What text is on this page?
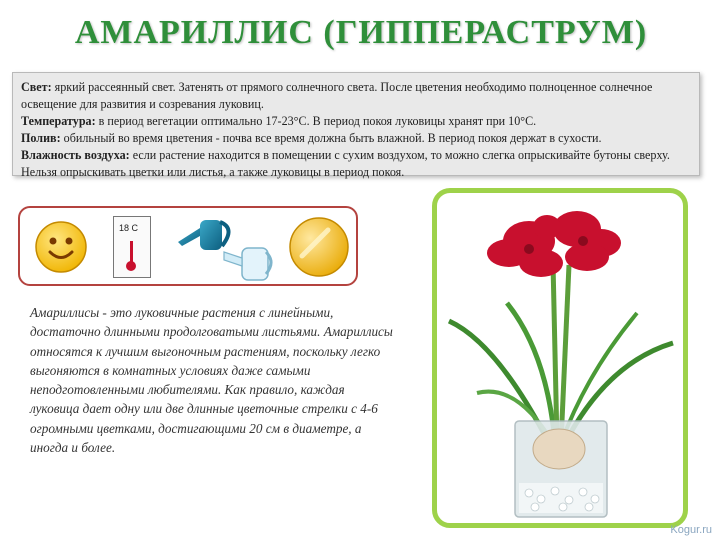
АМАРИЛЛИС (ГИППЕРАСТРУМ)

Свет: яркий рассеянный свет. Затенять от прямого солнечного света. После цветения необходимо полноценное солнечное освещение для развития и созревания луковиц.

Температура: в период вегетации оптимально 17-23°С. В период покоя луковицы хранят при 10°С.

Полив: обильный во время цветения - почва все время должна быть влажной. В период покоя держат в сухости.

Влажность воздуха: если растение находится в помещении с сухим воздухом, то можно слегка опрыскивайте бутоны сверху. Нельзя опрыскивать цветки или листья, а также луковицы в период покоя.

18 C
Амариллисы - это луковичные растения с линейными, достаточно длинными продолговатыми листьями. Амариллисы относятся к лучшим выгоночным растениям, поскольку легко выгоняются в комнатных условиях даже самыми неподготовленными любителями. Как правило, каждая луковица дает одну или две длинные цветочные стрелки с 4-6 огромными цветками, достигающими 20 см в диаметре, а иногда и более.
Kogur.ru
